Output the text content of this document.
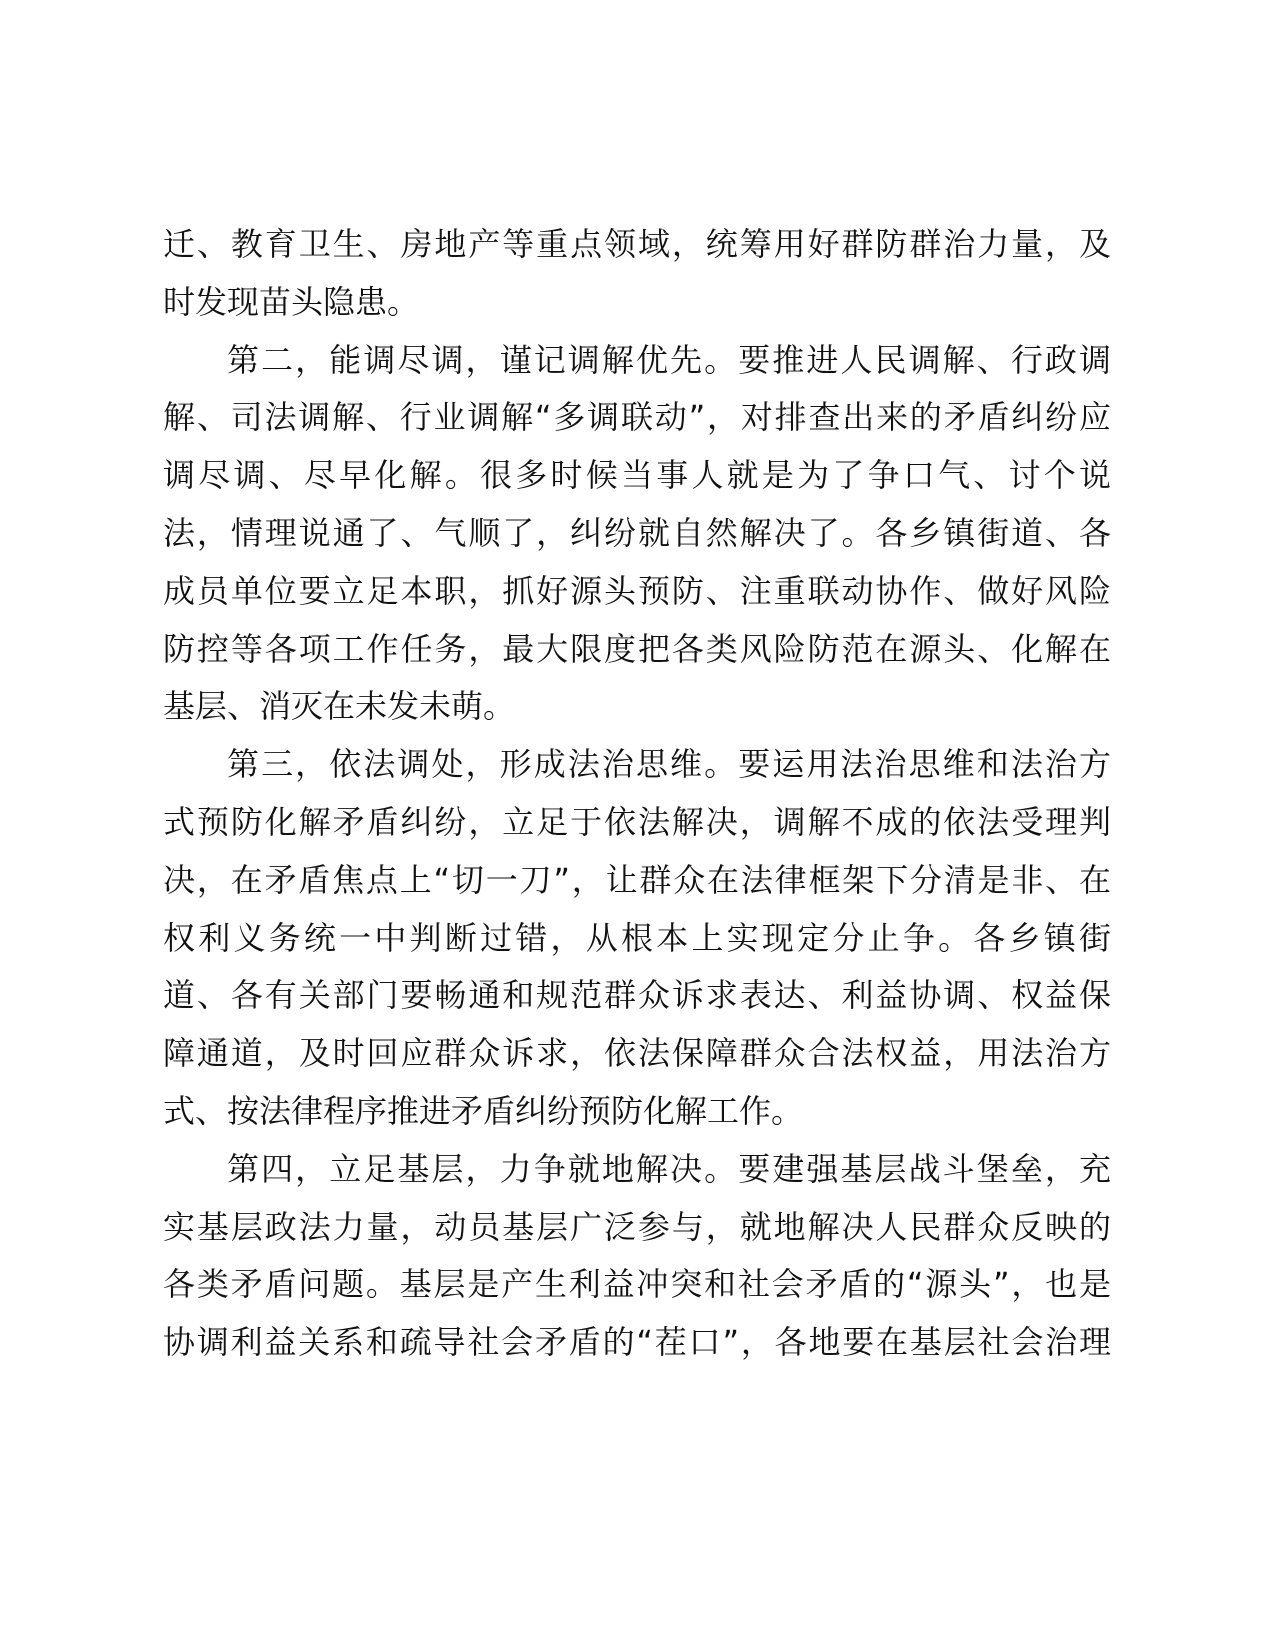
迁、教育卫生、房地产等重点领域，统筹用好群防群治力量，及
时发现苗头隐患。
第二，能调尽调，谨记调解优先。要推进人民调解、行政调
解、司法调解、行业调解“多调联动”，对排查出来的矛盾纠纷应
调尽调、尽早化解。很多时候当事人就是为了争口气、讨个说
法，情理说通了、气顺了，纠纷就自然解决了。各乡镇街道、各
成员单位要立足本职，抓好源头预防、注重联动协作、做好风险
防控等各项工作任务，最大限度把各类风险防范在源头、化解在
基层、消灭在未发未萌。
第三，依法调处，形成法治思维。要运用法治思维和法治方
式预防化解矛盾纠纷，立足于依法解决，调解不成的依法受理判
决，在矛盾焦点上“切一刀”，让群众在法律框架下分清是非、在
权利义务统一中判断过错，从根本上实现定分止争。各乡镇街
道、各有关部门要畅通和规范群众诉求表达、利益协调、权益保
障通道，及时回应群众诉求，依法保障群众合法权益，用法治方
式、按法律程序推进矛盾纠纷预防化解工作。
第四，立足基层，力争就地解决。要建强基层战斗堡垒，充
实基层政法力量，动员基层广泛参与，就地解决人民群众反映的
各类矛盾问题。基层是产生利益冲突和社会矛盾的“源头”，也是
协调利益关系和疏导社会矛盾的“茬口”，各地要在基层社会治理
